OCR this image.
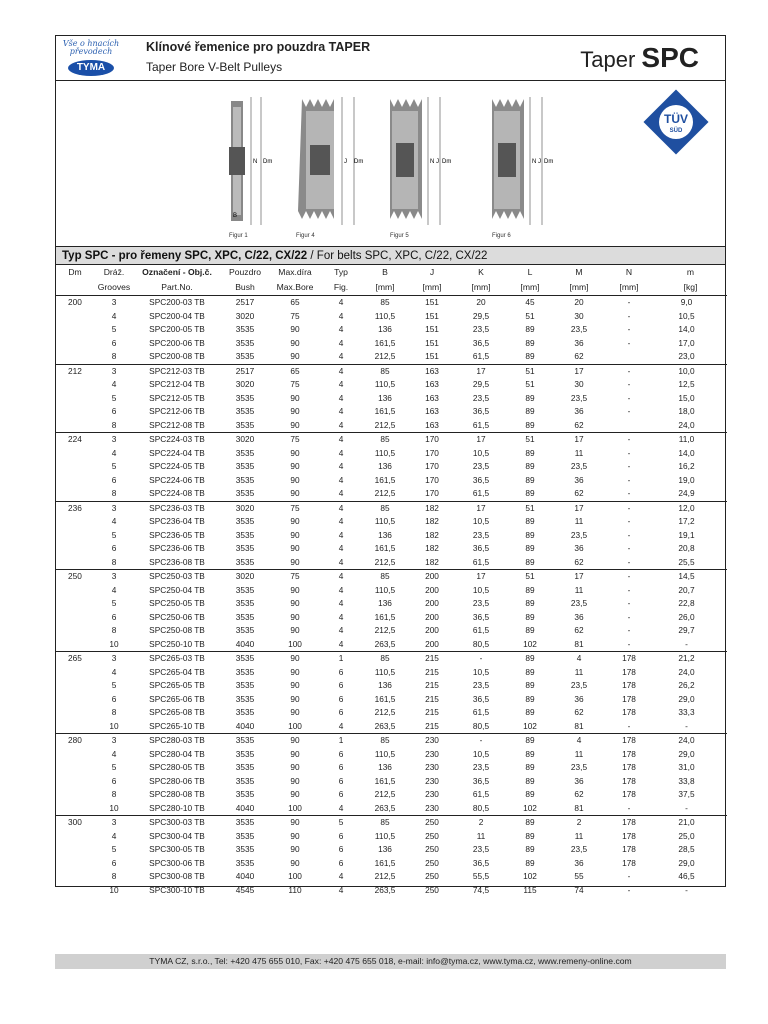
Vše o hnacích převodech
TYMA
Klínové řemenice pro pouzdra TAPER
Taper Bore V-Belt Pulleys	Taper SPC
N Dm
B
Figur 1
J Dm
Figur 4
N J Dm
Figur 5
N J Dm
Figur 6
TÜV
SÜD
Typ SPC - pro řemeny SPC, XPC, C/22, CX/22 / For belts SPC, XPC, C/22, CX/22
Dm	Dráž.	Označení - Obj.č.	Pouzdro	Max.díra	Typ	B	J	K	L	M	N	m
	Grooves	Part.No.	Bush	Max.Bore	Fig.	[mm]	[mm]	[mm]	[mm]	[mm]	[mm]	[kg]
200	3	SPC200-03 TB	2517	65	4	85	151	20	45	20	-	9,0
	4	SPC200-04 TB	3020	75	4	110,5	151	29,5	51	30	-	10,5
	5	SPC200-05 TB	3535	90	4	136	151	23,5	89	23,5	-	14,0
	6	SPC200-06 TB	3535	90	4	161,5	151	36,5	89	36	-	17,0
	8	SPC200-08 TB	3535	90	4	212,5	151	61,5	89	62		23,0
212	3	SPC212-03 TB	2517	65	4	85	163	17	51	17	-	10,0
	4	SPC212-04 TB	3020	75	4	110,5	163	29,5	51	30	-	12,5
	5	SPC212-05 TB	3535	90	4	136	163	23,5	89	23,5	-	15,0
	6	SPC212-06 TB	3535	90	4	161,5	163	36,5	89	36	-	18,0
	8	SPC212-08 TB	3535	90	4	212,5	163	61,5	89	62		24,0
224	3	SPC224-03 TB	3020	75	4	85	170	17	51	17	-	11,0
	4	SPC224-04 TB	3535	90	4	110,5	170	10,5	89	11	-	14,0
	5	SPC224-05 TB	3535	90	4	136	170	23,5	89	23,5	-	16,2
	6	SPC224-06 TB	3535	90	4	161,5	170	36,5	89	36	-	19,0
	8	SPC224-08 TB	3535	90	4	212,5	170	61,5	89	62	-	24,9
236	3	SPC236-03 TB	3020	75	4	85	182	17	51	17	-	12,0
	4	SPC236-04 TB	3535	90	4	110,5	182	10,5	89	11	-	17,2
	5	SPC236-05 TB	3535	90	4	136	182	23,5	89	23,5	-	19,1
	6	SPC236-06 TB	3535	90	4	161,5	182	36,5	89	36	-	20,8
	8	SPC236-08 TB	3535	90	4	212,5	182	61,5	89	62	-	25,5
250	3	SPC250-03 TB	3020	75	4	85	200	17	51	17	-	14,5
	4	SPC250-04 TB	3535	90	4	110,5	200	10,5	89	11	-	20,7
	5	SPC250-05 TB	3535	90	4	136	200	23,5	89	23,5	-	22,8
	6	SPC250-06 TB	3535	90	4	161,5	200	36,5	89	36	-	26,0
	8	SPC250-08 TB	3535	90	4	212,5	200	61,5	89	62	-	29,7
	10	SPC250-10 TB	4040	100	4	263,5	200	80,5	102	81	-	-
265	3	SPC265-03 TB	3535	90	1	85	215	-	89	4	178	21,2
	4	SPC265-04 TB	3535	90	6	110,5	215	10,5	89	11	178	24,0
	5	SPC265-05 TB	3535	90	6	136	215	23,5	89	23,5	178	26,2
	6	SPC265-06 TB	3535	90	6	161,5	215	36,5	89	36	178	29,0
	8	SPC265-08 TB	3535	90	6	212,5	215	61,5	89	62	178	33,3
	10	SPC265-10 TB	4040	100	4	263,5	215	80,5	102	81	-	-
280	3	SPC280-03 TB	3535	90	1	85	230	-	89	4	178	24,0
	4	SPC280-04 TB	3535	90	6	110,5	230	10,5	89	11	178	29,0
	5	SPC280-05 TB	3535	90	6	136	230	23,5	89	23,5	178	31,0
	6	SPC280-06 TB	3535	90	6	161,5	230	36,5	89	36	178	33,8
	8	SPC280-08 TB	3535	90	6	212,5	230	61,5	89	62	178	37,5
	10	SPC280-10 TB	4040	100	4	263,5	230	80,5	102	81	-	-
300	3	SPC300-03 TB	3535	90	5	85	250	2	89	2	178	21,0
	4	SPC300-04 TB	3535	90	6	110,5	250	11	89	11	178	25,0
	5	SPC300-05 TB	3535	90	6	136	250	23,5	89	23,5	178	28,5
	6	SPC300-06 TB	3535	90	6	161,5	250	36,5	89	36	178	29,0
	8	SPC300-08 TB	4040	100	4	212,5	250	55,5	102	55	-	46,5
	10	SPC300-10 TB	4545	110	4	263,5	250	74,5	115	74	-	-
TYMA CZ, s.r.o., Tel: +420 475 655 010, Fax: +420 475 655 018, e-mail: info@tyma.cz, www.tyma.cz, www.remeny-online.com
